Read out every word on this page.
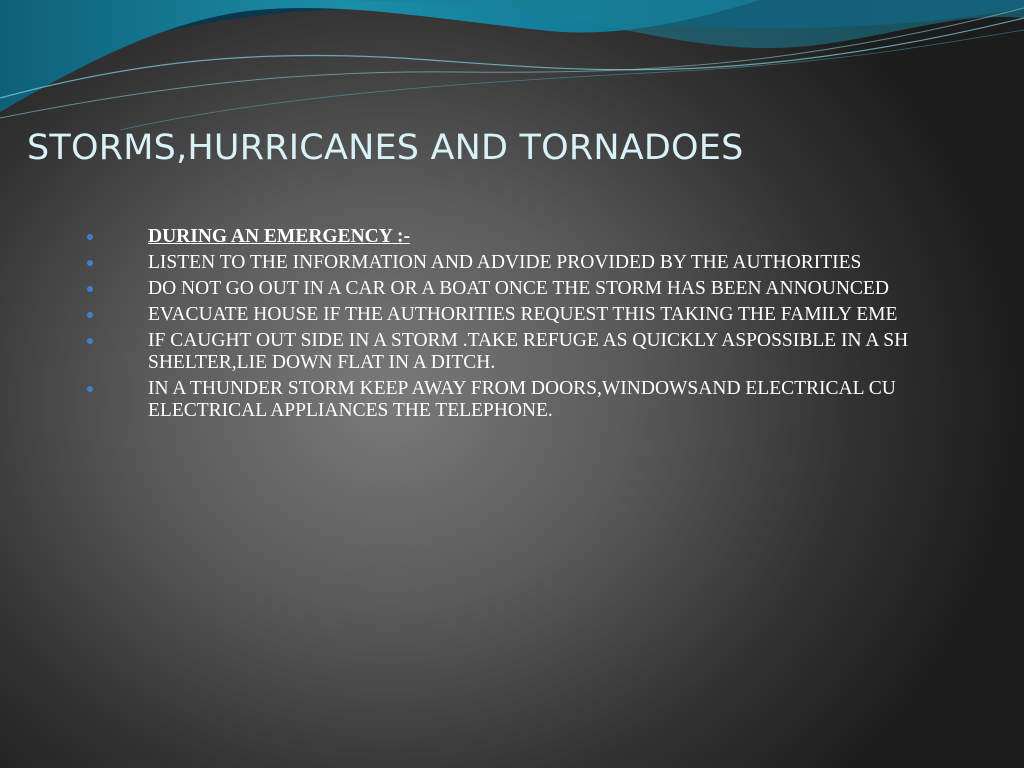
STORMS,HURRICANES AND TORNADOES
DURING AN EMERGENCY :-
LISTEN TO THE INFORMATION AND ADVIDE PROVIDED BY THE AUTHORITIES
DO NOT GO OUT IN A CAR OR A BOAT ONCE THE STORM HAS BEEN ANNOUNCED
EVACUATE HOUSE IF THE AUTHORITIES REQUEST THIS TAKING THE FAMILY EME
IF CAUGHT OUT SIDE IN A STORM .TAKE REFUGE AS QUICKLY ASPOSSIBLE IN A SH
SHELTER,LIE DOWN FLAT IN A DITCH.
IN A THUNDER STORM KEEP AWAY FROM DOORS,WINDOWSAND ELECTRICAL CU
ELECTRICAL APPLIANCES THE TELEPHONE.
